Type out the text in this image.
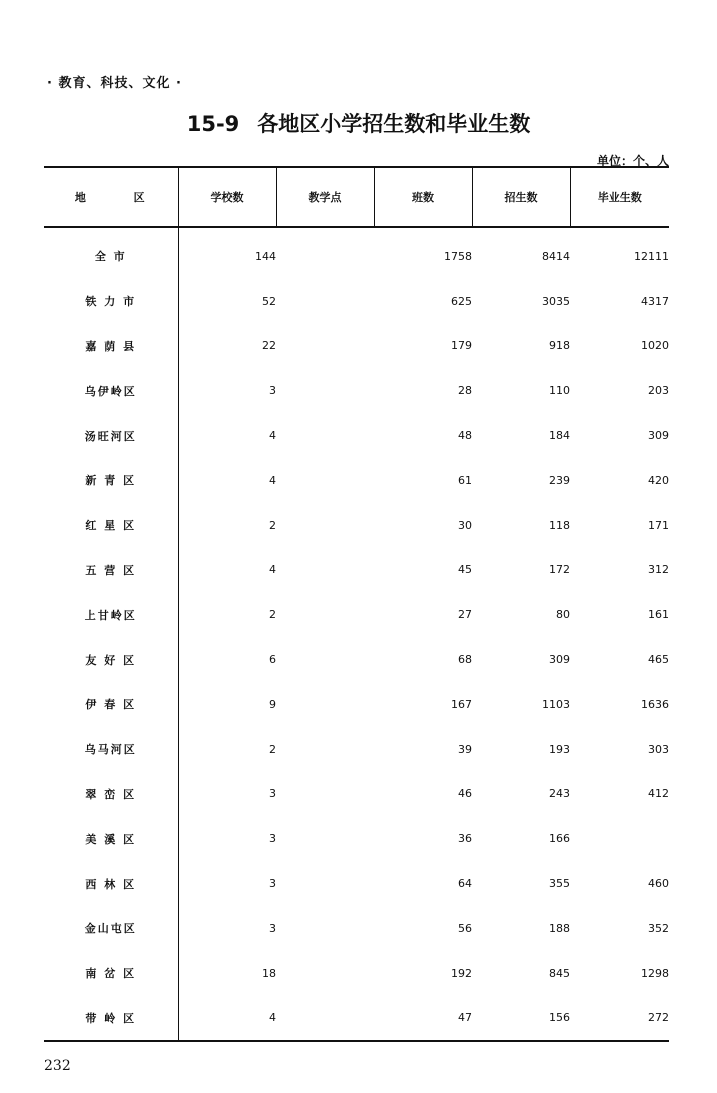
· 教育、科技、文化 ·
15-9 各地区小学招生数和毕业生数
单位：个、人
地 区	学校数	教学点	班数	招生数	毕业生数
全 市	144		1758	8414	12111
铁 力 市	52		625	3035	4317
嘉 荫 县	22		179	918	1020
乌伊岭区	3		28	110	203
汤旺河区	4		48	184	309
新 青 区	4		61	239	420
红 星 区	2		30	118	171
五 营 区	4		45	172	312
上甘岭区	2		27	80	161
友 好 区	6		68	309	465
伊 春 区	9		167	1103	1636
乌马河区	2		39	193	303
翠 峦 区	3		46	243	412
美 溪 区	3		36	166	
西 林 区	3		64	355	460
金山屯区	3		56	188	352
南 岔 区	18		192	845	1298
带 岭 区	4		47	156	272
232
